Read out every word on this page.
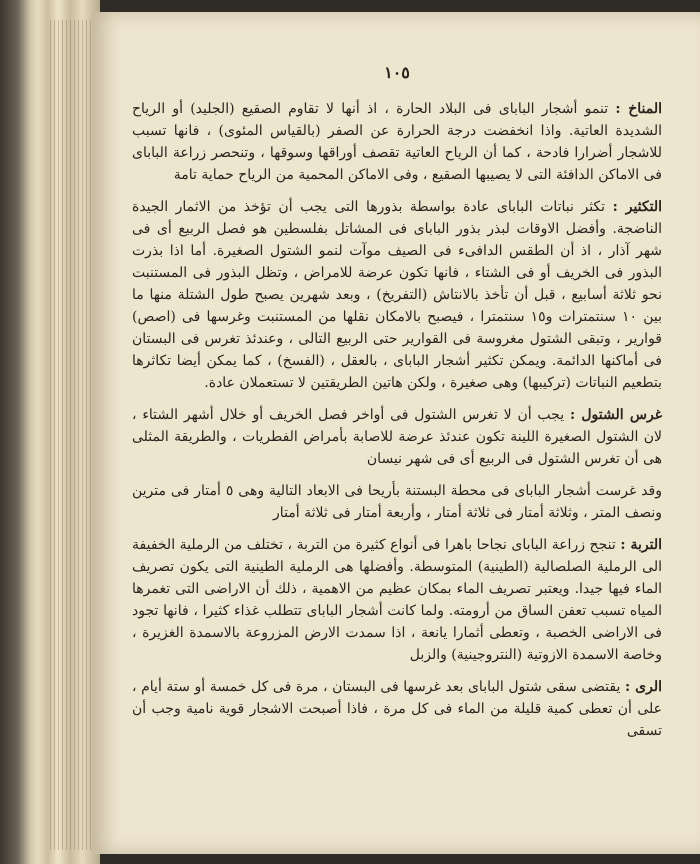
١٠٥

المناخ : تنمو أشجار البابای فی البلاد الحارة ، اذ أنها لا تقاوم الصقيع (الجليد) أو الرياح الشديدة العاتية. واذا انخفضت درجة الحرارة عن الصفر (بالقياس المئوى) ، فانها تسبب للاشجار أضرارا فادحة ، كما أن الرياح العاتية تقصف أوراقها وسوقها ، وتنحصر زراعة البابای فی الاماكن الدافئة التی لا يصيبها الصقيع ، وفی الاماكن المحمية من الرياح حماية تامة

التكثير : تكثر نباتات البابای عادة بواسطة بذورها التی يجب أن تؤخذ من الاثمار الجيدة الناضجة. وأفضل الاوقات لبذر بذور البابای فی المشاتل بفلسطين هو فصل الربيع أی فی شهر آذار ، اذ أن الطقس الدافیء فی الصيف موآت لنمو الشتول الصغيرة. أما اذا بذرت البذور فی الخريف أو فی الشتاء ، فانها تكون عرضة للامراض ، وتظل البذور فی المستنبت نحو ثلاثة أسابيع ، قبل أن تأخذ بالانتاش (التفريخ) ، وبعد شهرين يصبح طول الشتلة منها ما بين ١٠ سنتمترات و١٥ سنتمترا ، فيصبح بالامكان نقلها من المستنبت وغرسها فی (اصص) قوارير ، وتبقى الشتول مغروسة فی القوارير حتى الربيع التالی ، وعندئذ تغرس فی البستان فی أماكنها الدائمة. ويمكن تكثير أشجار البابای ، بالعقل ، (الفسخ) ، كما يمكن أيضا تكاثرها بتطعيم النباتات (تركيبها) وهی صغيرة ، ولكن هاتين الطريقتين لا تستعملان عادة.

غرس الشتول : يجب أن لا تغرس الشتول فی أواخر فصل الخريف أو خلال أشهر الشتاء ، لان الشتول الصغيرة اللينة تكون عندئذ عرضة للاصابة بأمراض الفطريات ، والطريقة المثلی هی أن تغرس الشتول فی الربيع أی فی شهر نيسان

وقد غرست أشجار البابای فی محطة البستنة بأريحا فی الابعاد التالية وهی ٥ أمتار فی مترين ونصف المتر ، وثلاثة أمتار فی ثلاثة أمتار ، وأربعة أمتار فی ثلاثة أمتار

التربة : تنجح زراعة البابای نجاحا باهرا فی أنواع كثيرة من التربة ، تختلف من الرملية الخفيفة الی الرملية الصلصالية (الطينية) المتوسطة. وأفضلها هی الرملية الطينية التی يكون تصريف الماء فيها جيدا. ويعتبر تصريف الماء بمكان عظيم من الاهمية ، ذلك أن الاراضی التی تغمرها المياه تسبب تعفن الساق من أرومته. ولما كانت أشجار البابای تتطلب غذاء كثيرا ، فانها تجود فی الاراضی الخصبة ، وتعطی أثمارا يانعة ، اذا سمدت الارض المزروعة بالاسمدة الغزيرة ، وخاصة الاسمدة الازوتية (النتروجينية) والزبل

الری : يقتضی سقی شتول البابای بعد غرسها فی البستان ، مرة فی كل خمسة أو ستة أيام ، علی أن تعطی كمية قليلة من الماء فی كل مرة ، فاذا أصبحت الاشجار قوية نامية وجب أن تسقی
